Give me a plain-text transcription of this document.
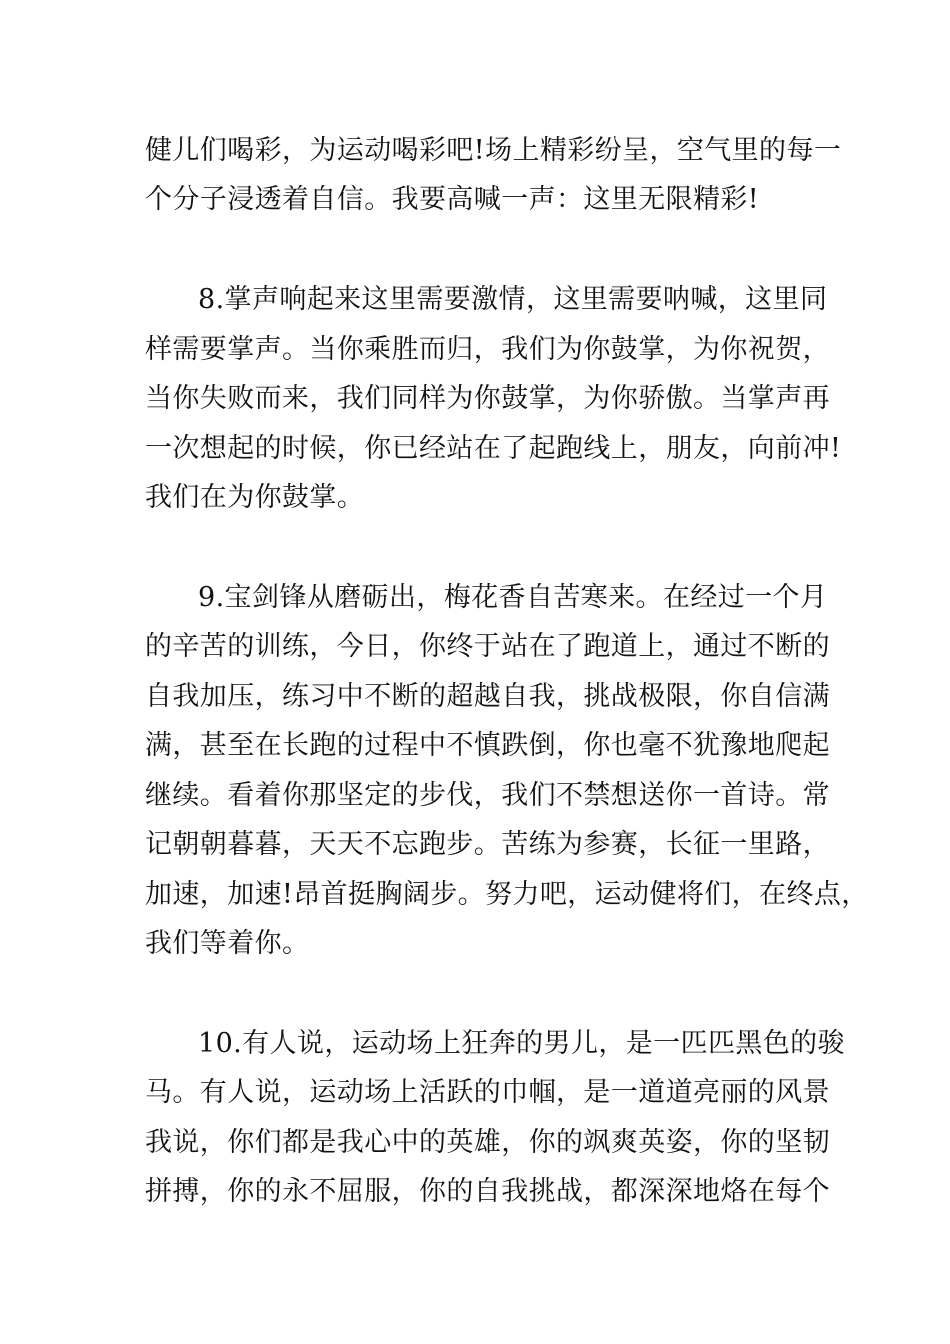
健儿们喝彩，为运动喝彩吧!场上精彩纷呈，空气里的每一
个分子浸透着自信。我要高喊一声：这里无限精彩!
8.掌声响起来这里需要激情，这里需要呐喊，这里同
样需要掌声。当你乘胜而归，我们为你鼓掌，为你祝贺，
当你失败而来，我们同样为你鼓掌，为你骄傲。当掌声再
一次想起的时候，你已经站在了起跑线上，朋友，向前冲!
我们在为你鼓掌。
9.宝剑锋从磨砺出，梅花香自苦寒来。在经过一个月
的辛苦的训练，今日，你终于站在了跑道上，通过不断的
自我加压，练习中不断的超越自我，挑战极限，你自信满
满，甚至在长跑的过程中不慎跌倒，你也毫不犹豫地爬起
继续。看着你那坚定的步伐，我们不禁想送你一首诗。常
记朝朝暮暮，天天不忘跑步。苦练为参赛，长征一里路，
加速，加速!昂首挺胸阔步。努力吧，运动健将们，在终点，
我们等着你。
10.有人说，运动场上狂奔的男儿，是一匹匹黑色的骏
马。有人说，运动场上活跃的巾帼，是一道道亮丽的风景
我说，你们都是我心中的英雄，你的飒爽英姿，你的坚韧
拼搏，你的永不屈服，你的自我挑战，都深深地烙在每个
